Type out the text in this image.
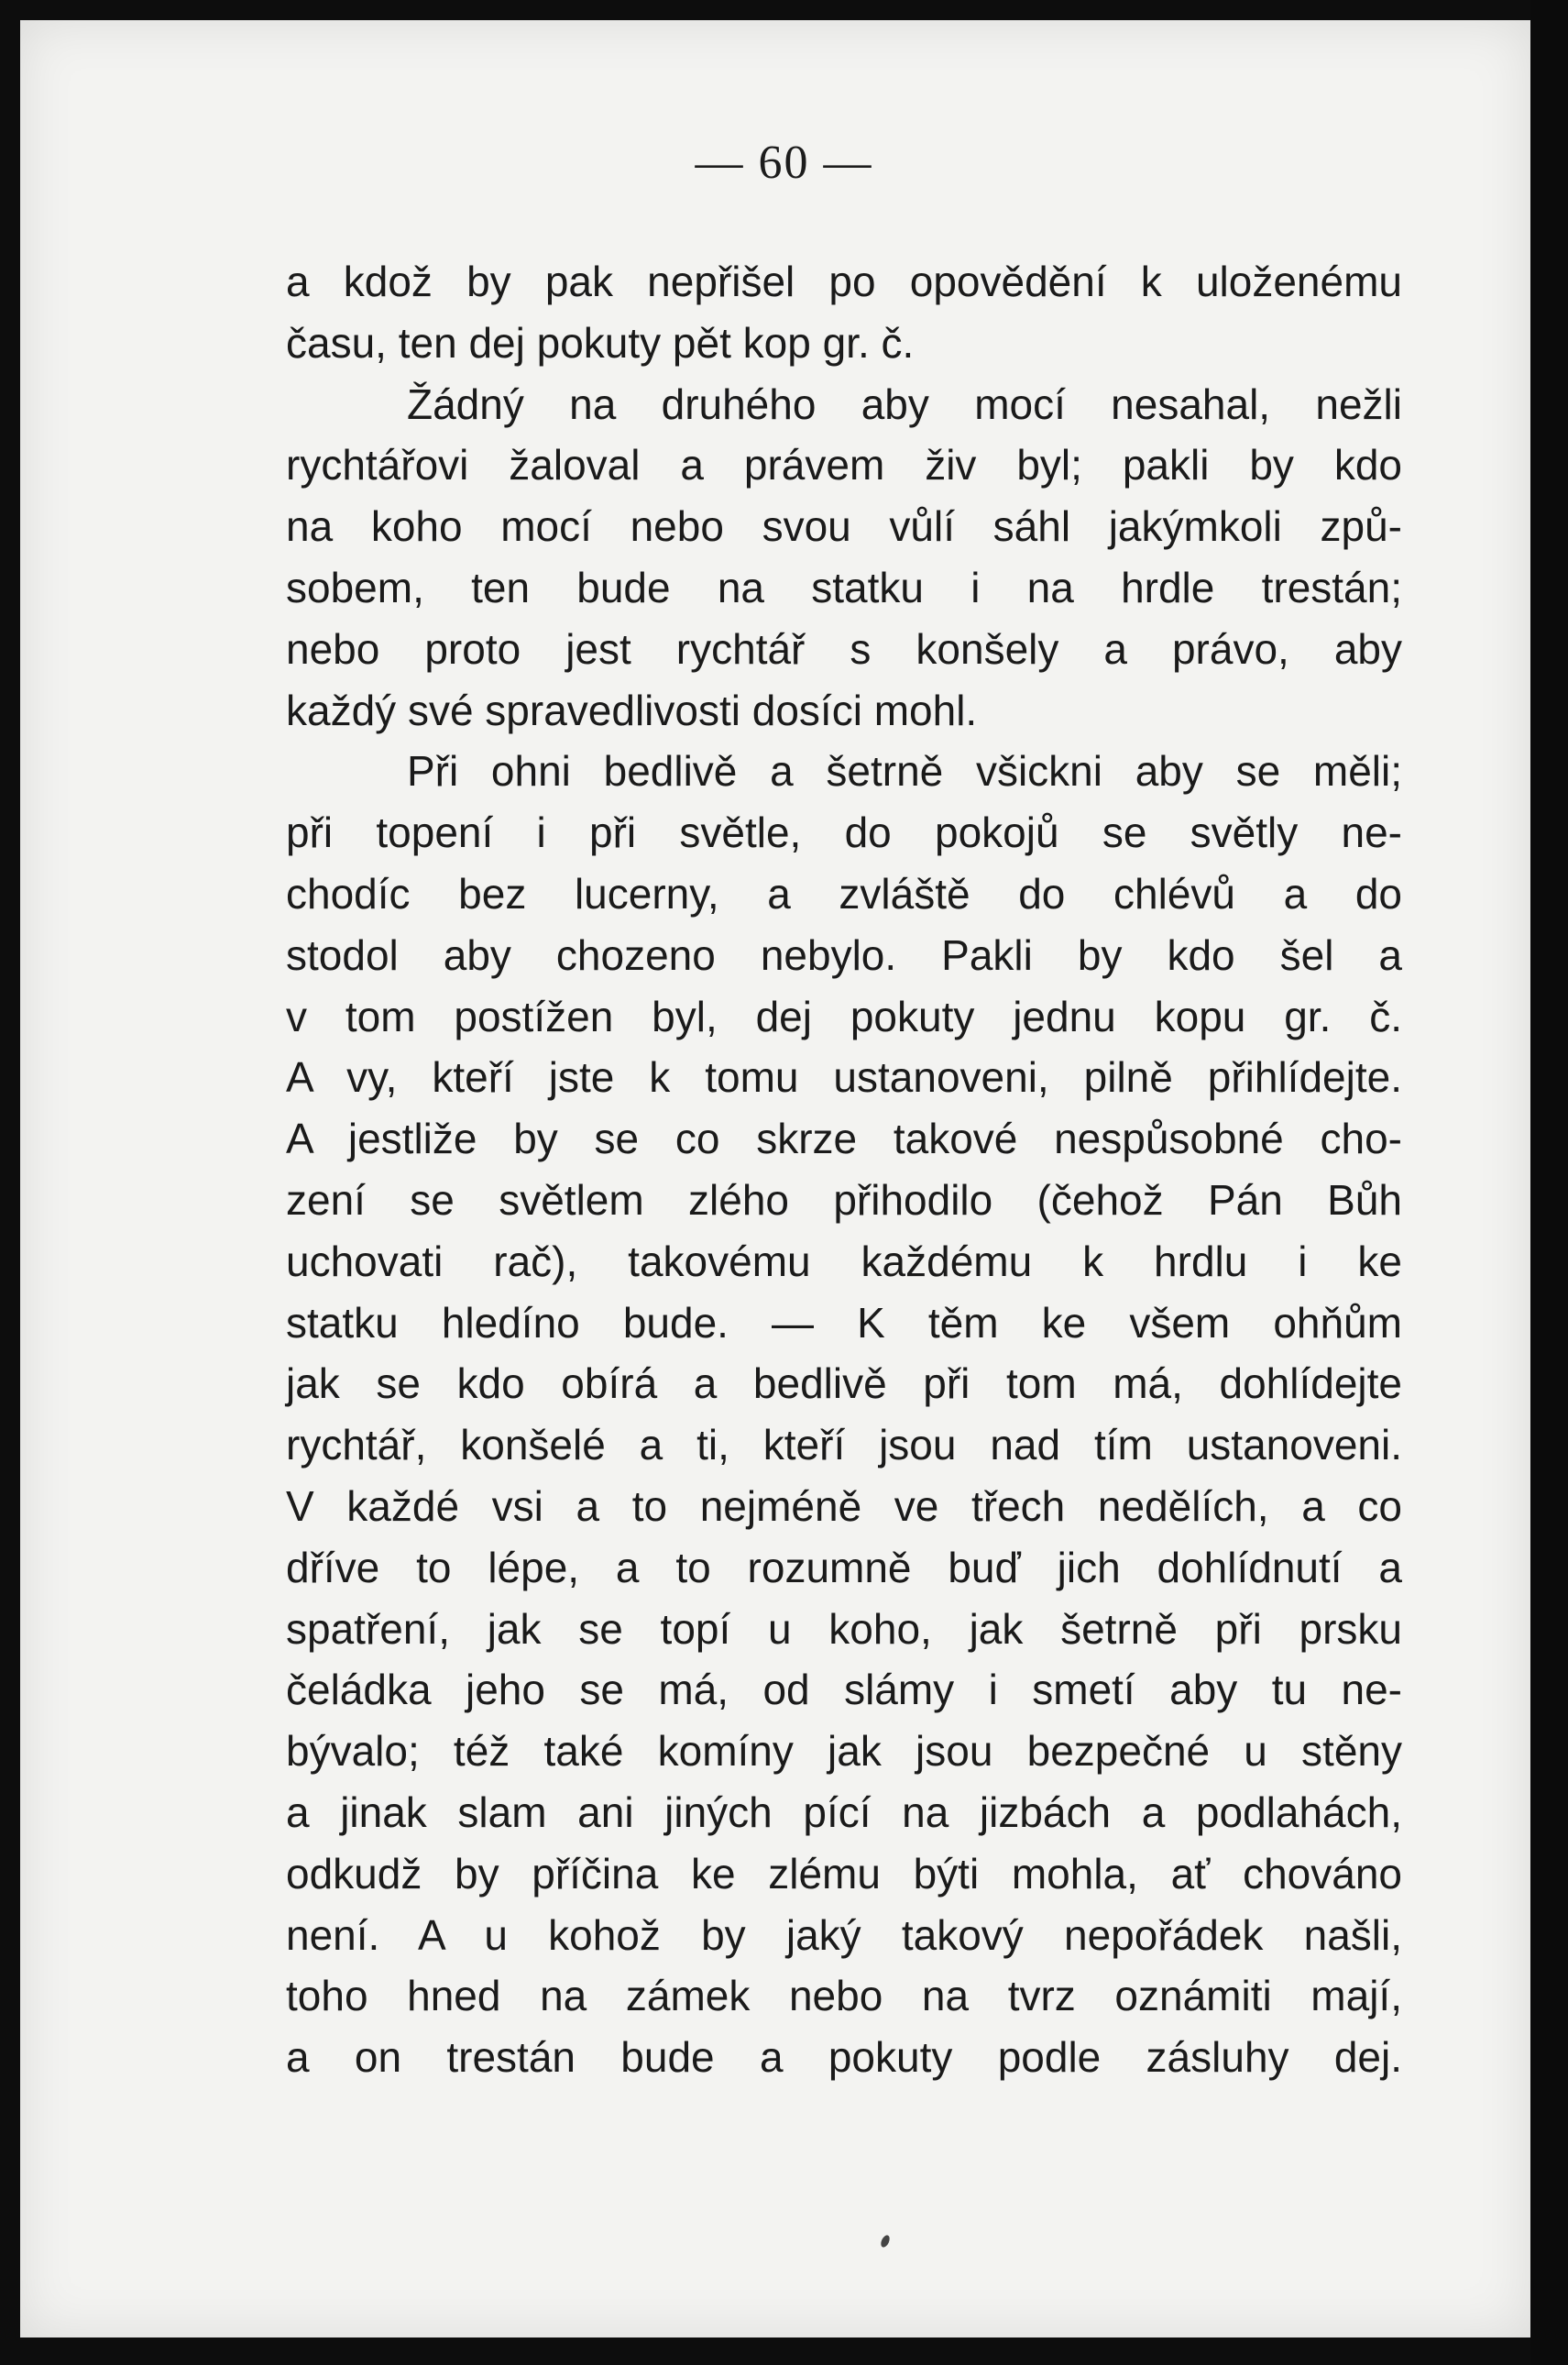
— 60 —
a kdož by pak nepřišel po opovědění k uloženému
času, ten dej pokuty pět kop gr. č.
Žádný na druhého aby mocí nesahal, nežli
rychtářovi žaloval a právem živ byl; pakli by kdo
na koho mocí nebo svou vůlí sáhl jakýmkoli způ-
sobem, ten bude na statku i na hrdle trestán;
nebo proto jest rychtář s konšely a právo, aby
každý své spravedlivosti dosíci mohl.
Při ohni bedlivě a šetrně všickni aby se měli;
při topení i při světle, do pokojů se světly ne-
chodíc bez lucerny, a zvláště do chlévů a do
stodol aby chozeno nebylo. Pakli by kdo šel a
v tom postížen byl, dej pokuty jednu kopu gr. č.
A vy, kteří jste k tomu ustanoveni, pilně přihlídejte.
A jestliže by se co skrze takové nespůsobné cho-
zení se světlem zlého přihodilo (čehož Pán Bůh
uchovati rač), takovému každému k hrdlu i ke
statku hledíno bude. — K těm ke všem ohňům
jak se kdo obírá a bedlivě při tom má, dohlídejte
rychtář, konšelé a ti, kteří jsou nad tím ustanoveni.
V každé vsi a to nejméně ve třech nedělích, a co
dříve to lépe, a to rozumně buď jich dohlídnutí a
spatření, jak se topí u koho, jak šetrně při prsku
čeládka jeho se má, od slámy i smetí aby tu ne-
bývalo; též také komíny jak jsou bezpečné u stěny
a jinak slam ani jiných pící na jizbách a podlahách,
odkudž by příčina ke zlému býti mohla, ať chováno
není. A u kohož by jaký takový nepořádek našli,
toho hned na zámek nebo na tvrz oznámiti mají,
a on trestán bude a pokuty podle zásluhy dej.
